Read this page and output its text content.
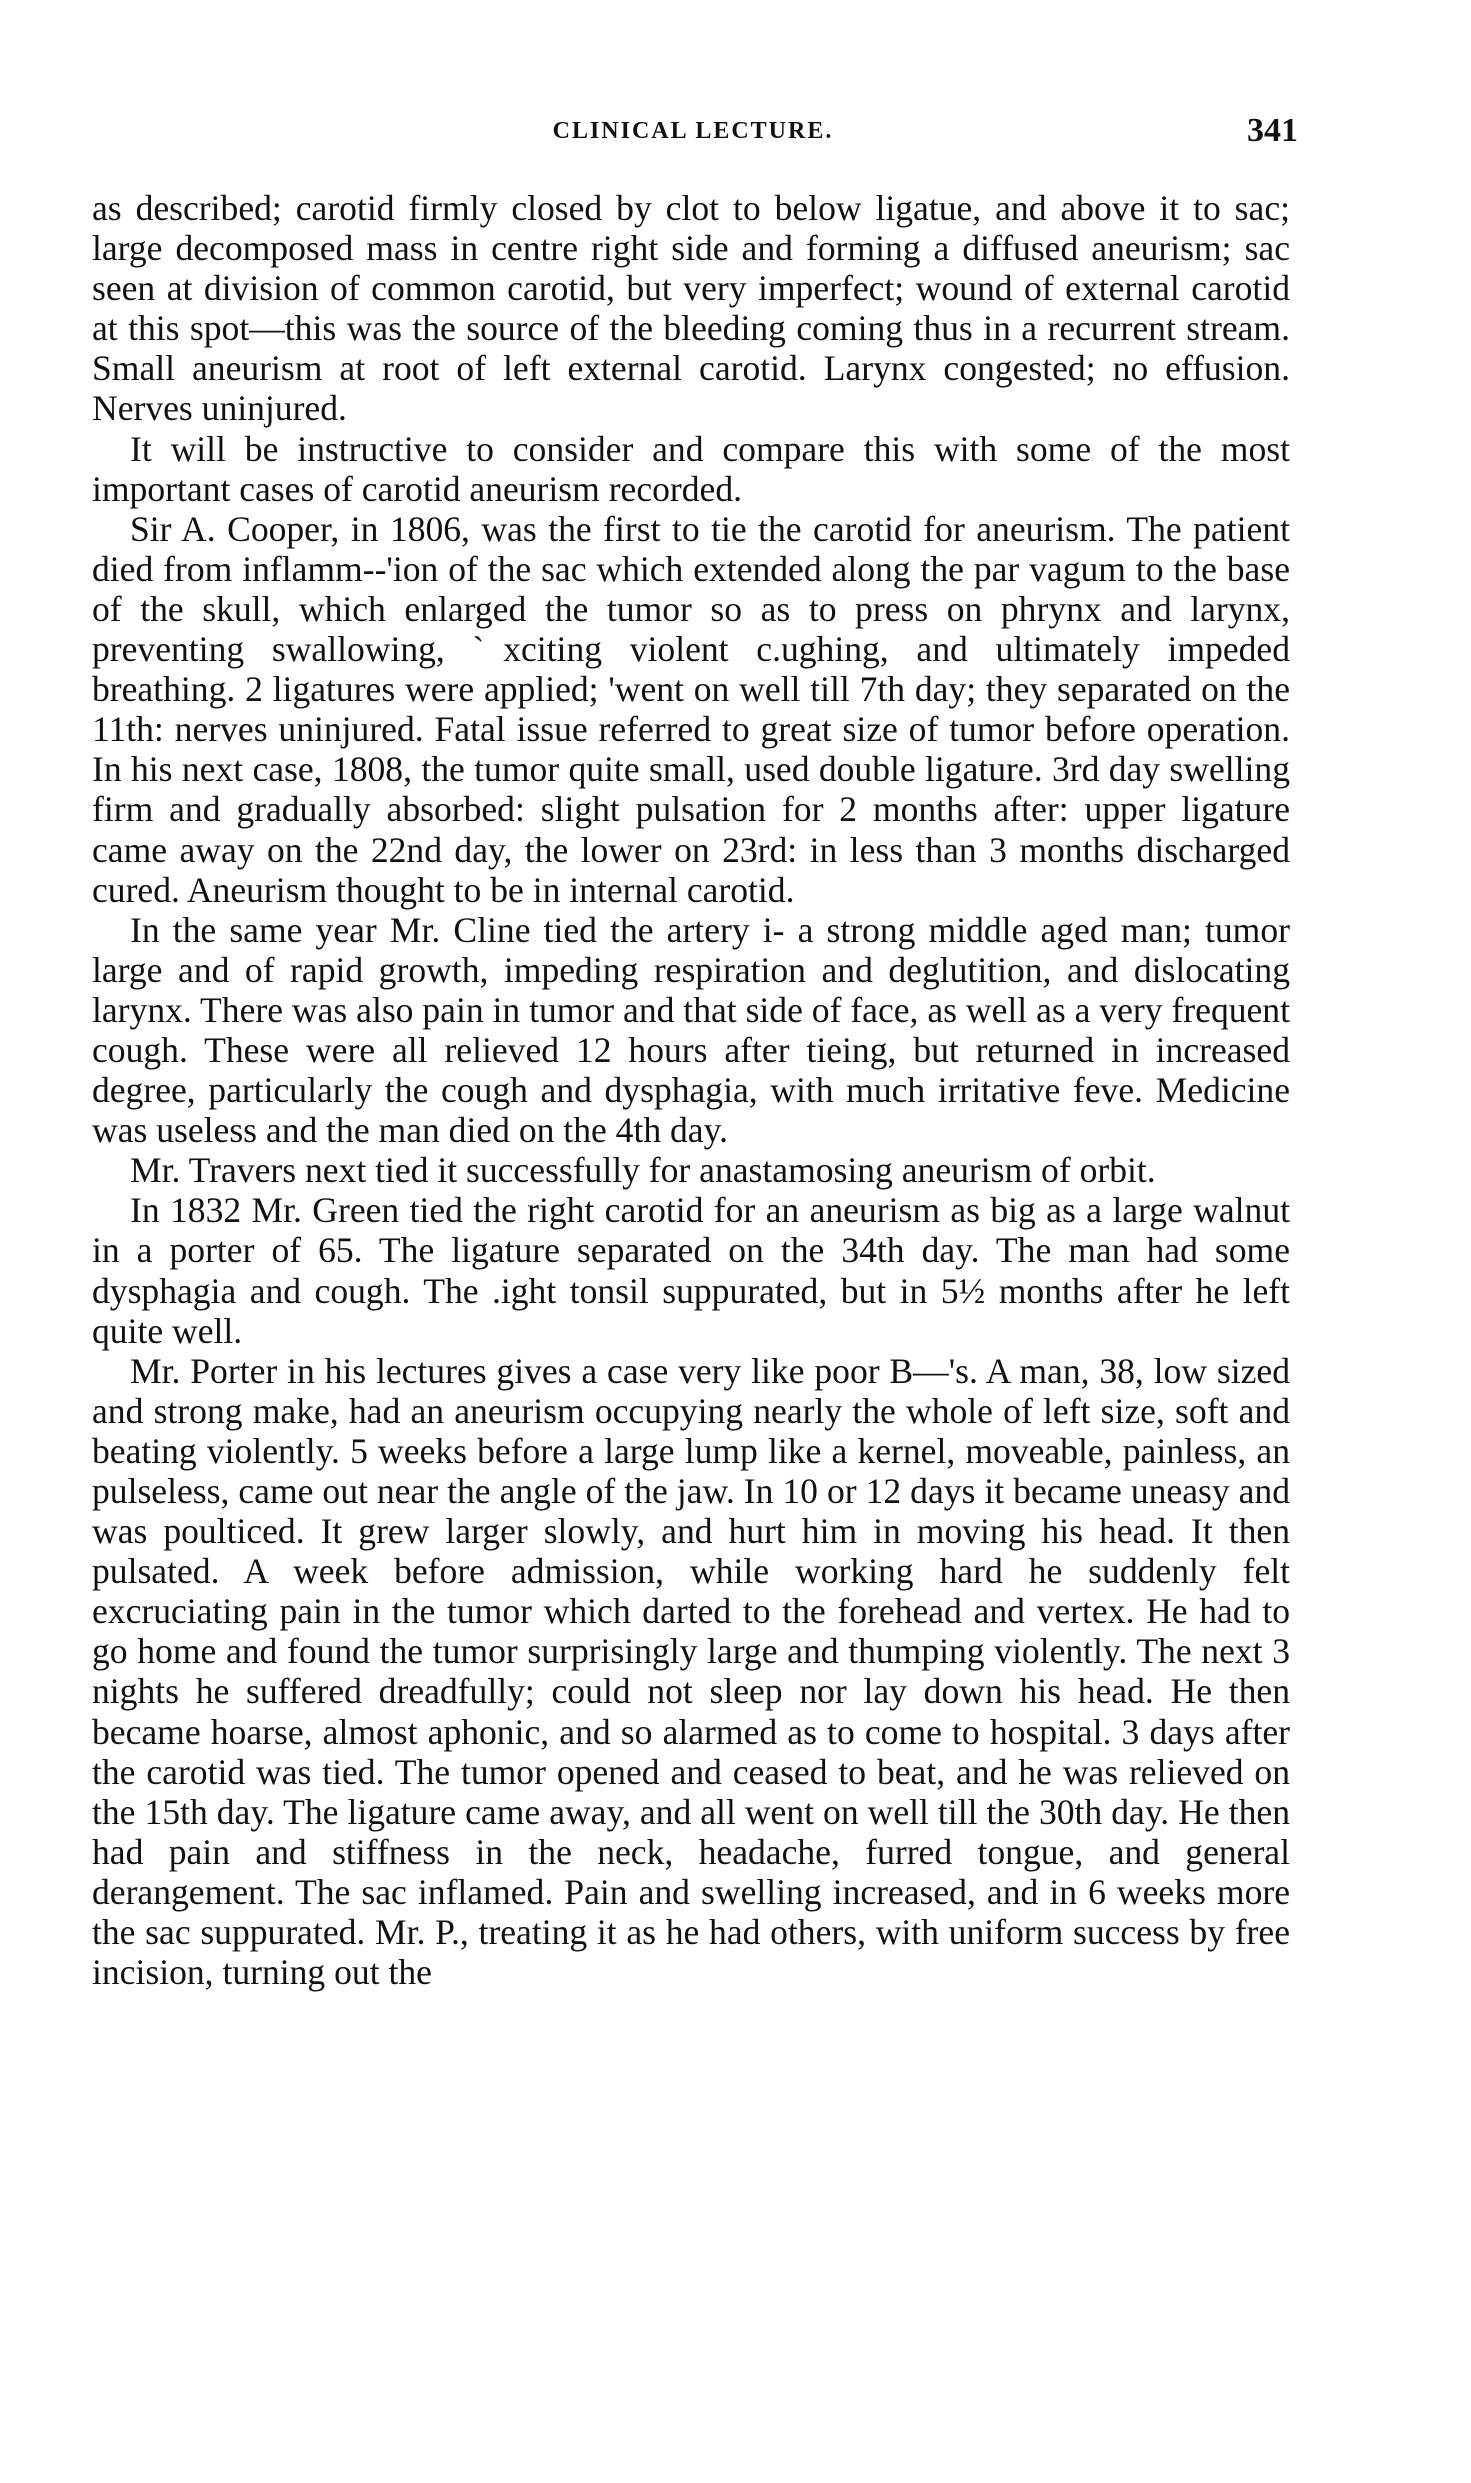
CLINICAL LECTURE.	341

as described; carotid firmly closed by clot to below ligatue, and above it to sac; large decomposed mass in centre right side and forming a diffused aneurism; sac seen at division of common carotid, but very imperfect; wound of external carotid at this spot—this was the source of the bleeding coming thus in a recurrent stream. Small aneurism at root of left external carotid. Larynx congested; no effusion. Nerves uninjured.

It will be instructive to consider and compare this with some of the most important cases of carotid aneurism recorded.

Sir A. Cooper, in 1806, was the first to tie the carotid for aneurism. The patient died from inflamm‑‑'ion of the sac which extended along the par vagum to the base of the skull, which enlarged the tumor so as to press on phrynx and larynx, preventing swallowing, ˋxciting violent c.ughing, and ultimately impeded breathing. 2 ligatures were applied; 'went on well till 7th day; they separated on the 11th: nerves uninjured. Fatal issue referred to great size of tumor before operation. In his next case, 1808, the tumor quite small, used double ligature. 3rd day swelling firm and gradually absorbed: slight pulsation for 2 months after: upper ligature came away on the 22nd day, the lower on 23rd: in less than 3 months discharged cured. Aneurism thought to be in internal carotid.

In the same year Mr. Cline tied the artery i‑ a strong middle aged man; tumor large and of rapid growth, impeding respiration and deglutition, and dislocating larynx. There was also pain in tumor and that side of face, as well as a very frequent cough. These were all relieved 12 hours after tieing, but returned in increased degree, particularly the cough and dysphagia, with much irritative feve. Medicine was useless and the man died on the 4th day.

Mr. Travers next tied it successfully for anastamosing aneurism of orbit.

In 1832 Mr. Green tied the right carotid for an aneurism as big as a large walnut in a porter of 65. The ligature separated on the 34th day. The man had some dysphagia and cough. The .ight tonsil suppurated, but in 5½ months after he left quite well.

Mr. Porter in his lectures gives a case very like poor B—'s. A man, 38, low sized and strong make, had an aneurism occupying nearly the whole of left size, soft and beating violently. 5 weeks before a large lump like a kernel, moveable, painless, an pulseless, came out near the angle of the jaw. In 10 or 12 days it became uneasy and was poulticed. It grew larger slowly, and hurt him in moving his head. It then pulsated. A week before admission, while working hard he suddenly felt excruciating pain in the tumor which darted to the forehead and vertex. He had to go home and found the tumor surprisingly large and thumping violently. The next 3 nights he suffered dreadfully; could not sleep nor lay down his head. He then became hoarse, almost aphonic, and so alarmed as to come to hospital. 3 days after the carotid was tied. The tumor opened and ceased to beat, and he was relieved on the 15th day. The ligature came away, and all went on well till the 30th day. He then had pain and stiffness in the neck, headache, furred tongue, and general derangement. The sac inflamed. Pain and swelling increased, and in 6 weeks more the sac suppurated. Mr. P., treating it as he had others, with uniform success by free incision, turning out the
